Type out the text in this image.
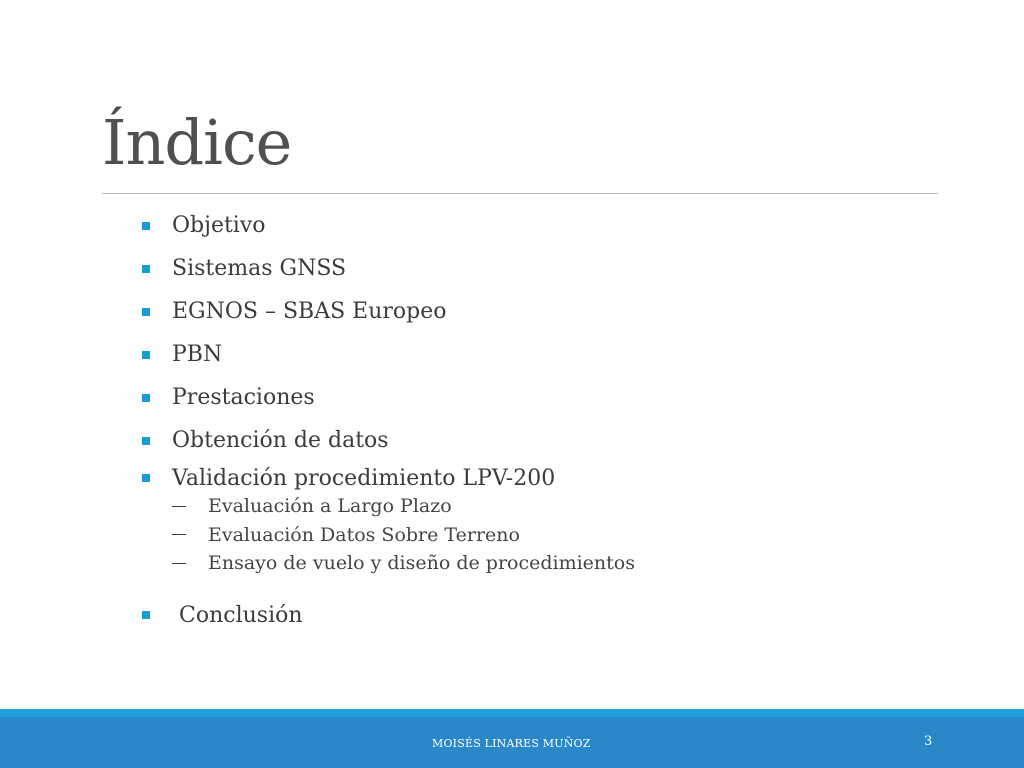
Índice
Objetivo
Sistemas GNSS
EGNOS – SBAS Europeo
PBN
Prestaciones
Obtención de datos
Validación procedimiento LPV-200
Evaluación a Largo Plazo
Evaluación Datos Sobre Terreno
Ensayo de vuelo y diseño de procedimientos
Conclusión
MOISÉS LINARES MUÑOZ	3
